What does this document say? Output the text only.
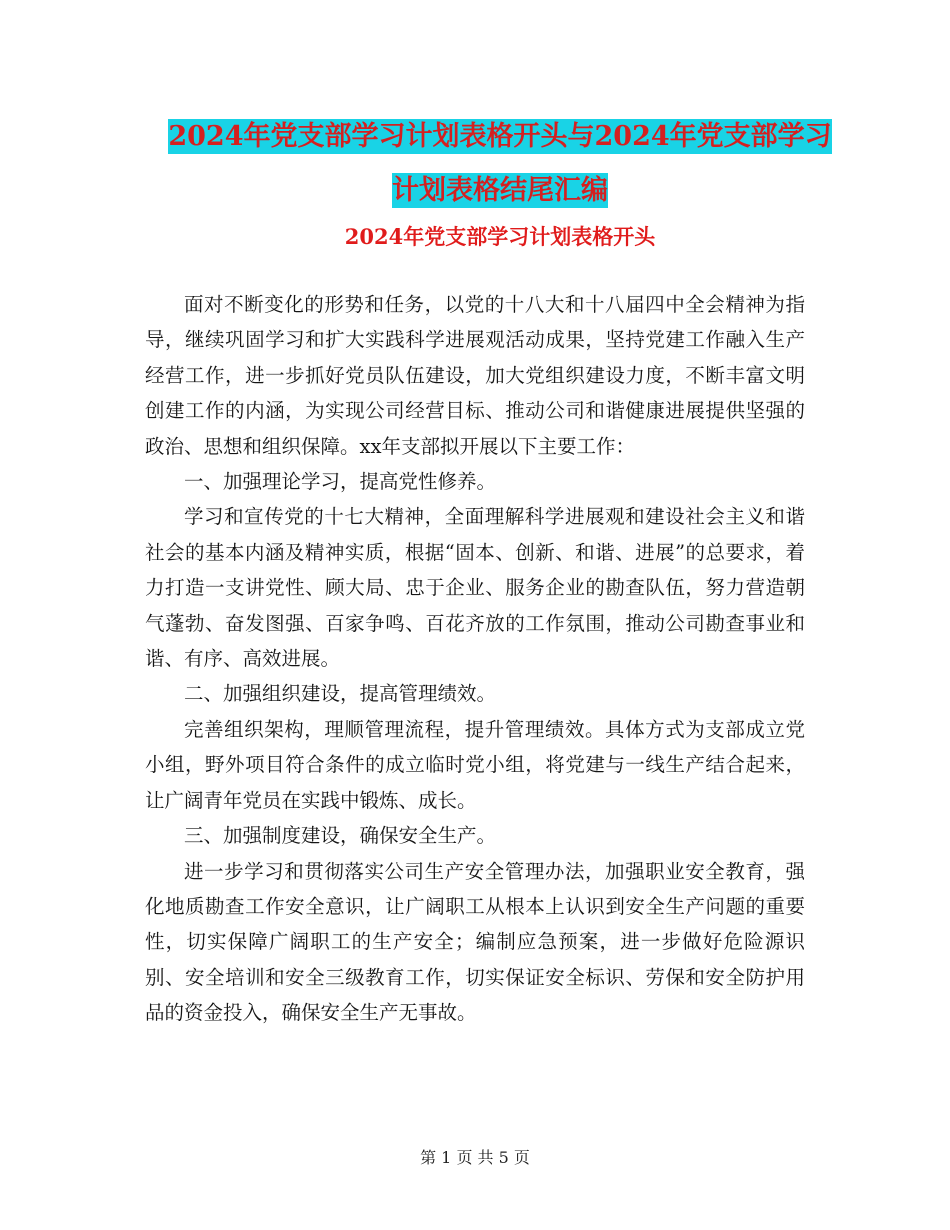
2024年党支部学习计划表格开头与2024年党支部学习
计划表格结尾汇编
2024年党支部学习计划表格开头

面对不断变化的形势和任务，以党的十八大和十八届四中全会精神为指导，继续巩固学习和扩大实践科学进展观活动成果，坚持党建工作融入生产经营工作，进一步抓好党员队伍建设，加大党组织建设力度，不断丰富文明创建工作的内涵，为实现公司经营目标、推动公司和谐健康进展提供坚强的政治、思想和组织保障。xx年支部拟开展以下主要工作：

一、加强理论学习，提高党性修养。

学习和宣传党的十七大精神，全面理解科学进展观和建设社会主义和谐社会的基本内涵及精神实质，根据“固本、创新、和谐、进展”的总要求，着力打造一支讲党性、顾大局、忠于企业、服务企业的勘查队伍，努力营造朝气蓬勃、奋发图强、百家争鸣、百花齐放的工作氛围，推动公司勘查事业和谐、有序、高效进展。

二、加强组织建设，提高管理绩效。

完善组织架构，理顺管理流程，提升管理绩效。具体方式为支部成立党小组，野外项目符合条件的成立临时党小组，将党建与一线生产结合起来，让广阔青年党员在实践中锻炼、成长。

三、加强制度建设，确保安全生产。

进一步学习和贯彻落实公司生产安全管理办法，加强职业安全教育，强化地质勘查工作安全意识，让广阔职工从根本上认识到安全生产问题的重要性，切实保障广阔职工的生产安全；编制应急预案，进一步做好危险源识别、安全培训和安全三级教育工作，切实保证安全标识、劳保和安全防护用品的资金投入，确保安全生产无事故。

第 1 页 共 5 页
